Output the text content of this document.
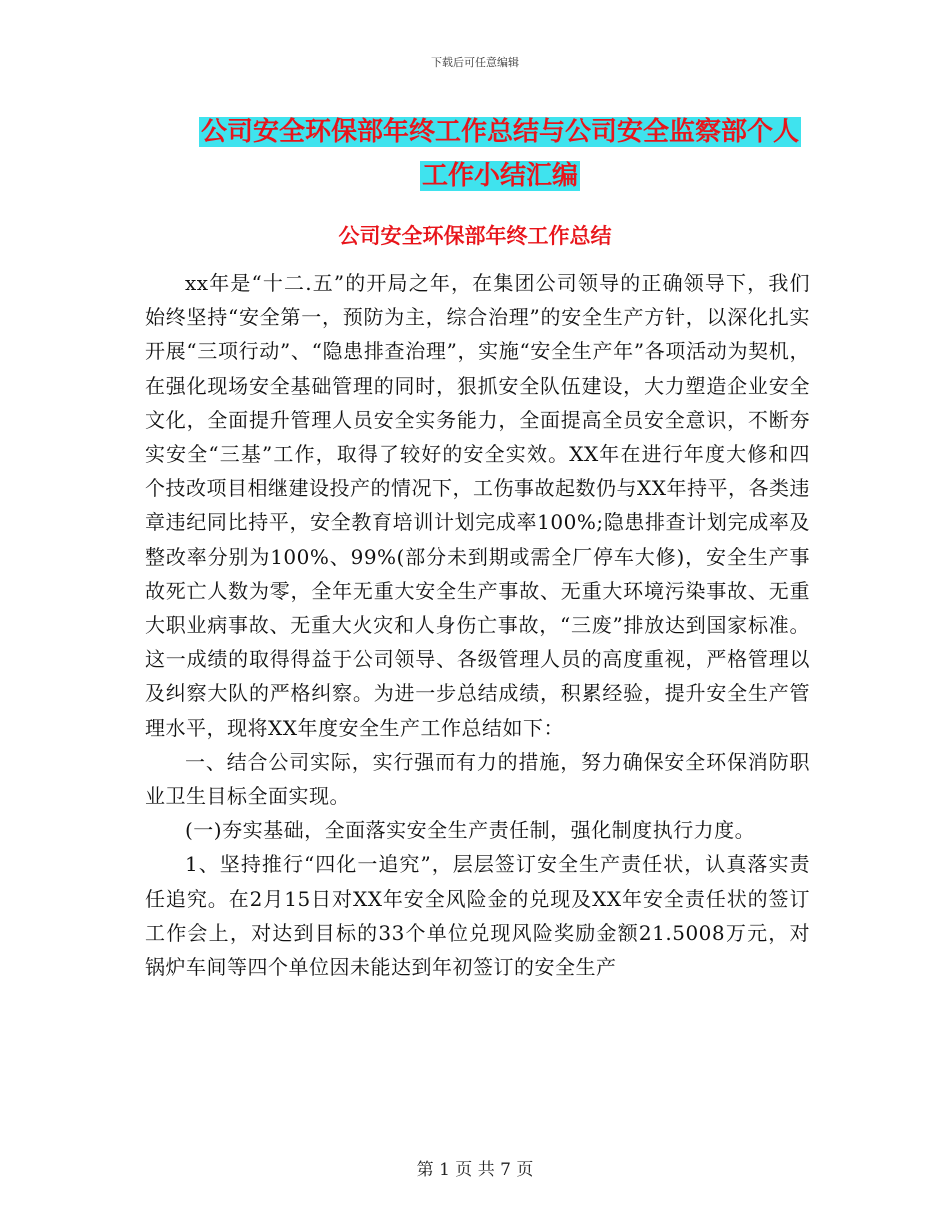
下载后可任意编辑
公司安全环保部年终工作总结与公司安全监察部个人
工作小结汇编
公司安全环保部年终工作总结

xx年是“十二.五”的开局之年，在集团公司领导的正确领导下，我们始终坚持“安全第一，预防为主，综合治理”的安全生产方针，以深化扎实开展“三项行动”、“隐患排查治理”，实施“安全生产年”各项活动为契机，在强化现场安全基础管理的同时，狠抓安全队伍建设，大力塑造企业安全文化，全面提升管理人员安全实务能力，全面提高全员安全意识，不断夯实安全“三基”工作，取得了较好的安全实效。XX年在进行年度大修和四个技改项目相继建设投产的情况下，工伤事故起数仍与XX年持平，各类违章违纪同比持平，安全教育培训计划完成率100%;隐患排查计划完成率及整改率分别为100%、99%(部分未到期或需全厂停车大修)，安全生产事故死亡人数为零，全年无重大安全生产事故、无重大环境污染事故、无重大职业病事故、无重大火灾和人身伤亡事故，“三废”排放达到国家标准。这一成绩的取得得益于公司领导、各级管理人员的高度重视，严格管理以及纠察大队的严格纠察。为进一步总结成绩，积累经验，提升安全生产管理水平，现将XX年度安全生产工作总结如下：

一、结合公司实际，实行强而有力的措施，努力确保安全环保消防职业卫生目标全面实现。

(一)夯实基础，全面落实安全生产责任制，强化制度执行力度。

1、坚持推行“四化一追究”，层层签订安全生产责任状，认真落实责任追究。在2月15日对XX年安全风险金的兑现及XX年安全责任状的签订工作会上，对达到目标的33个单位兑现风险奖励金额21.5008万元，对锅炉车间等四个单位因未能达到年初签订的安全生产

第 1 页 共 7 页
